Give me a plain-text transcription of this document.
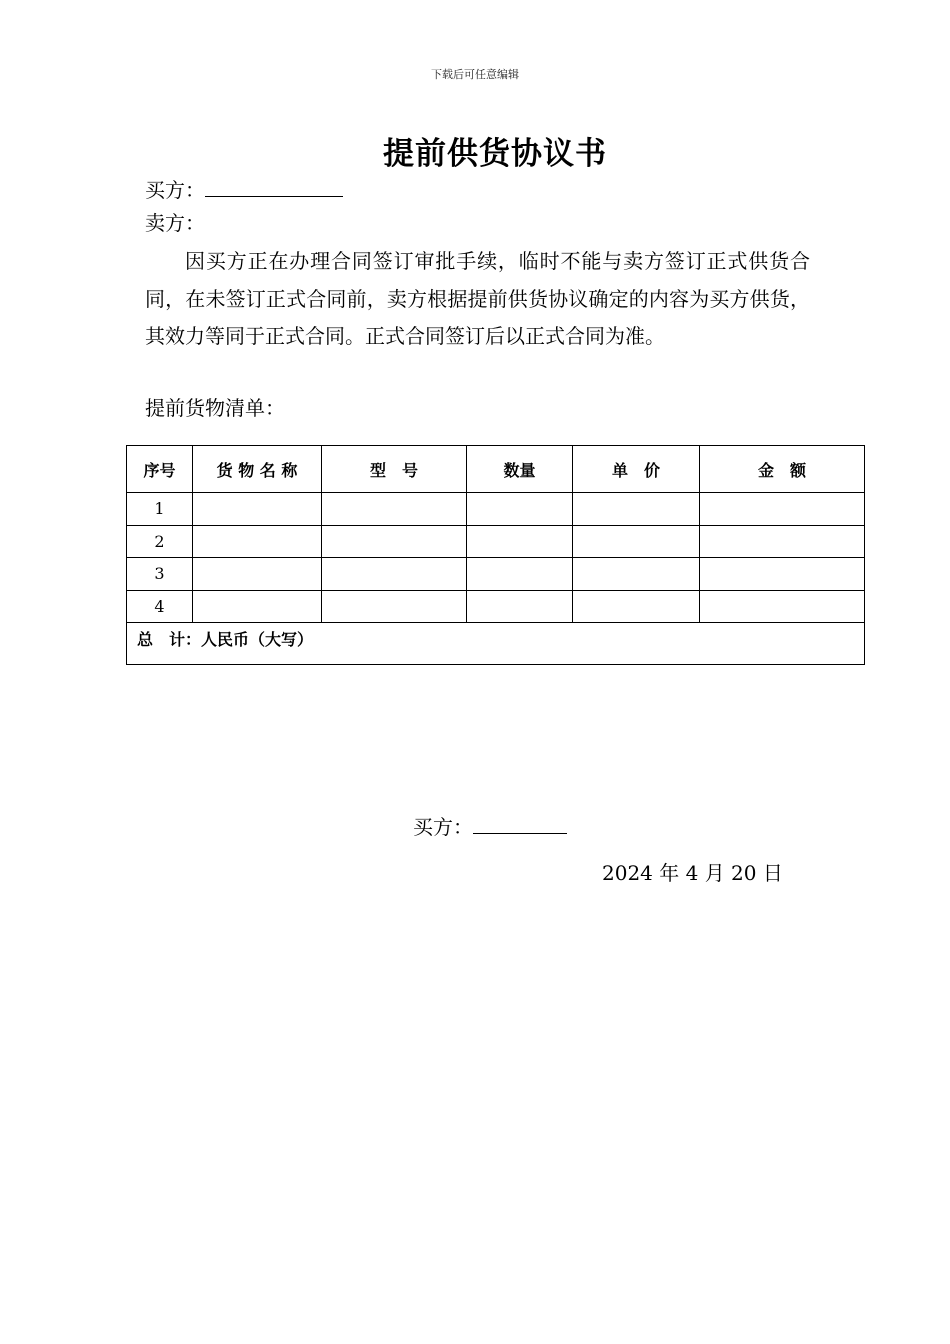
下载后可任意编辑
提前供货协议书
买方：
卖方：
因买方正在办理合同签订审批手续，临时不能与卖方签订正式供货合同，在未签订正式合同前，卖方根据提前供货协议确定的内容为买方供货，其效力等同于正式合同。正式合同签订后以正式合同为准。
提前货物清单：
序号	货 物 名 称	型　号	数量	单　价	金　额
1					
2					
3					
4					
总　计：人民币（大写）					
买方：
2024 年 4 月 20 日
